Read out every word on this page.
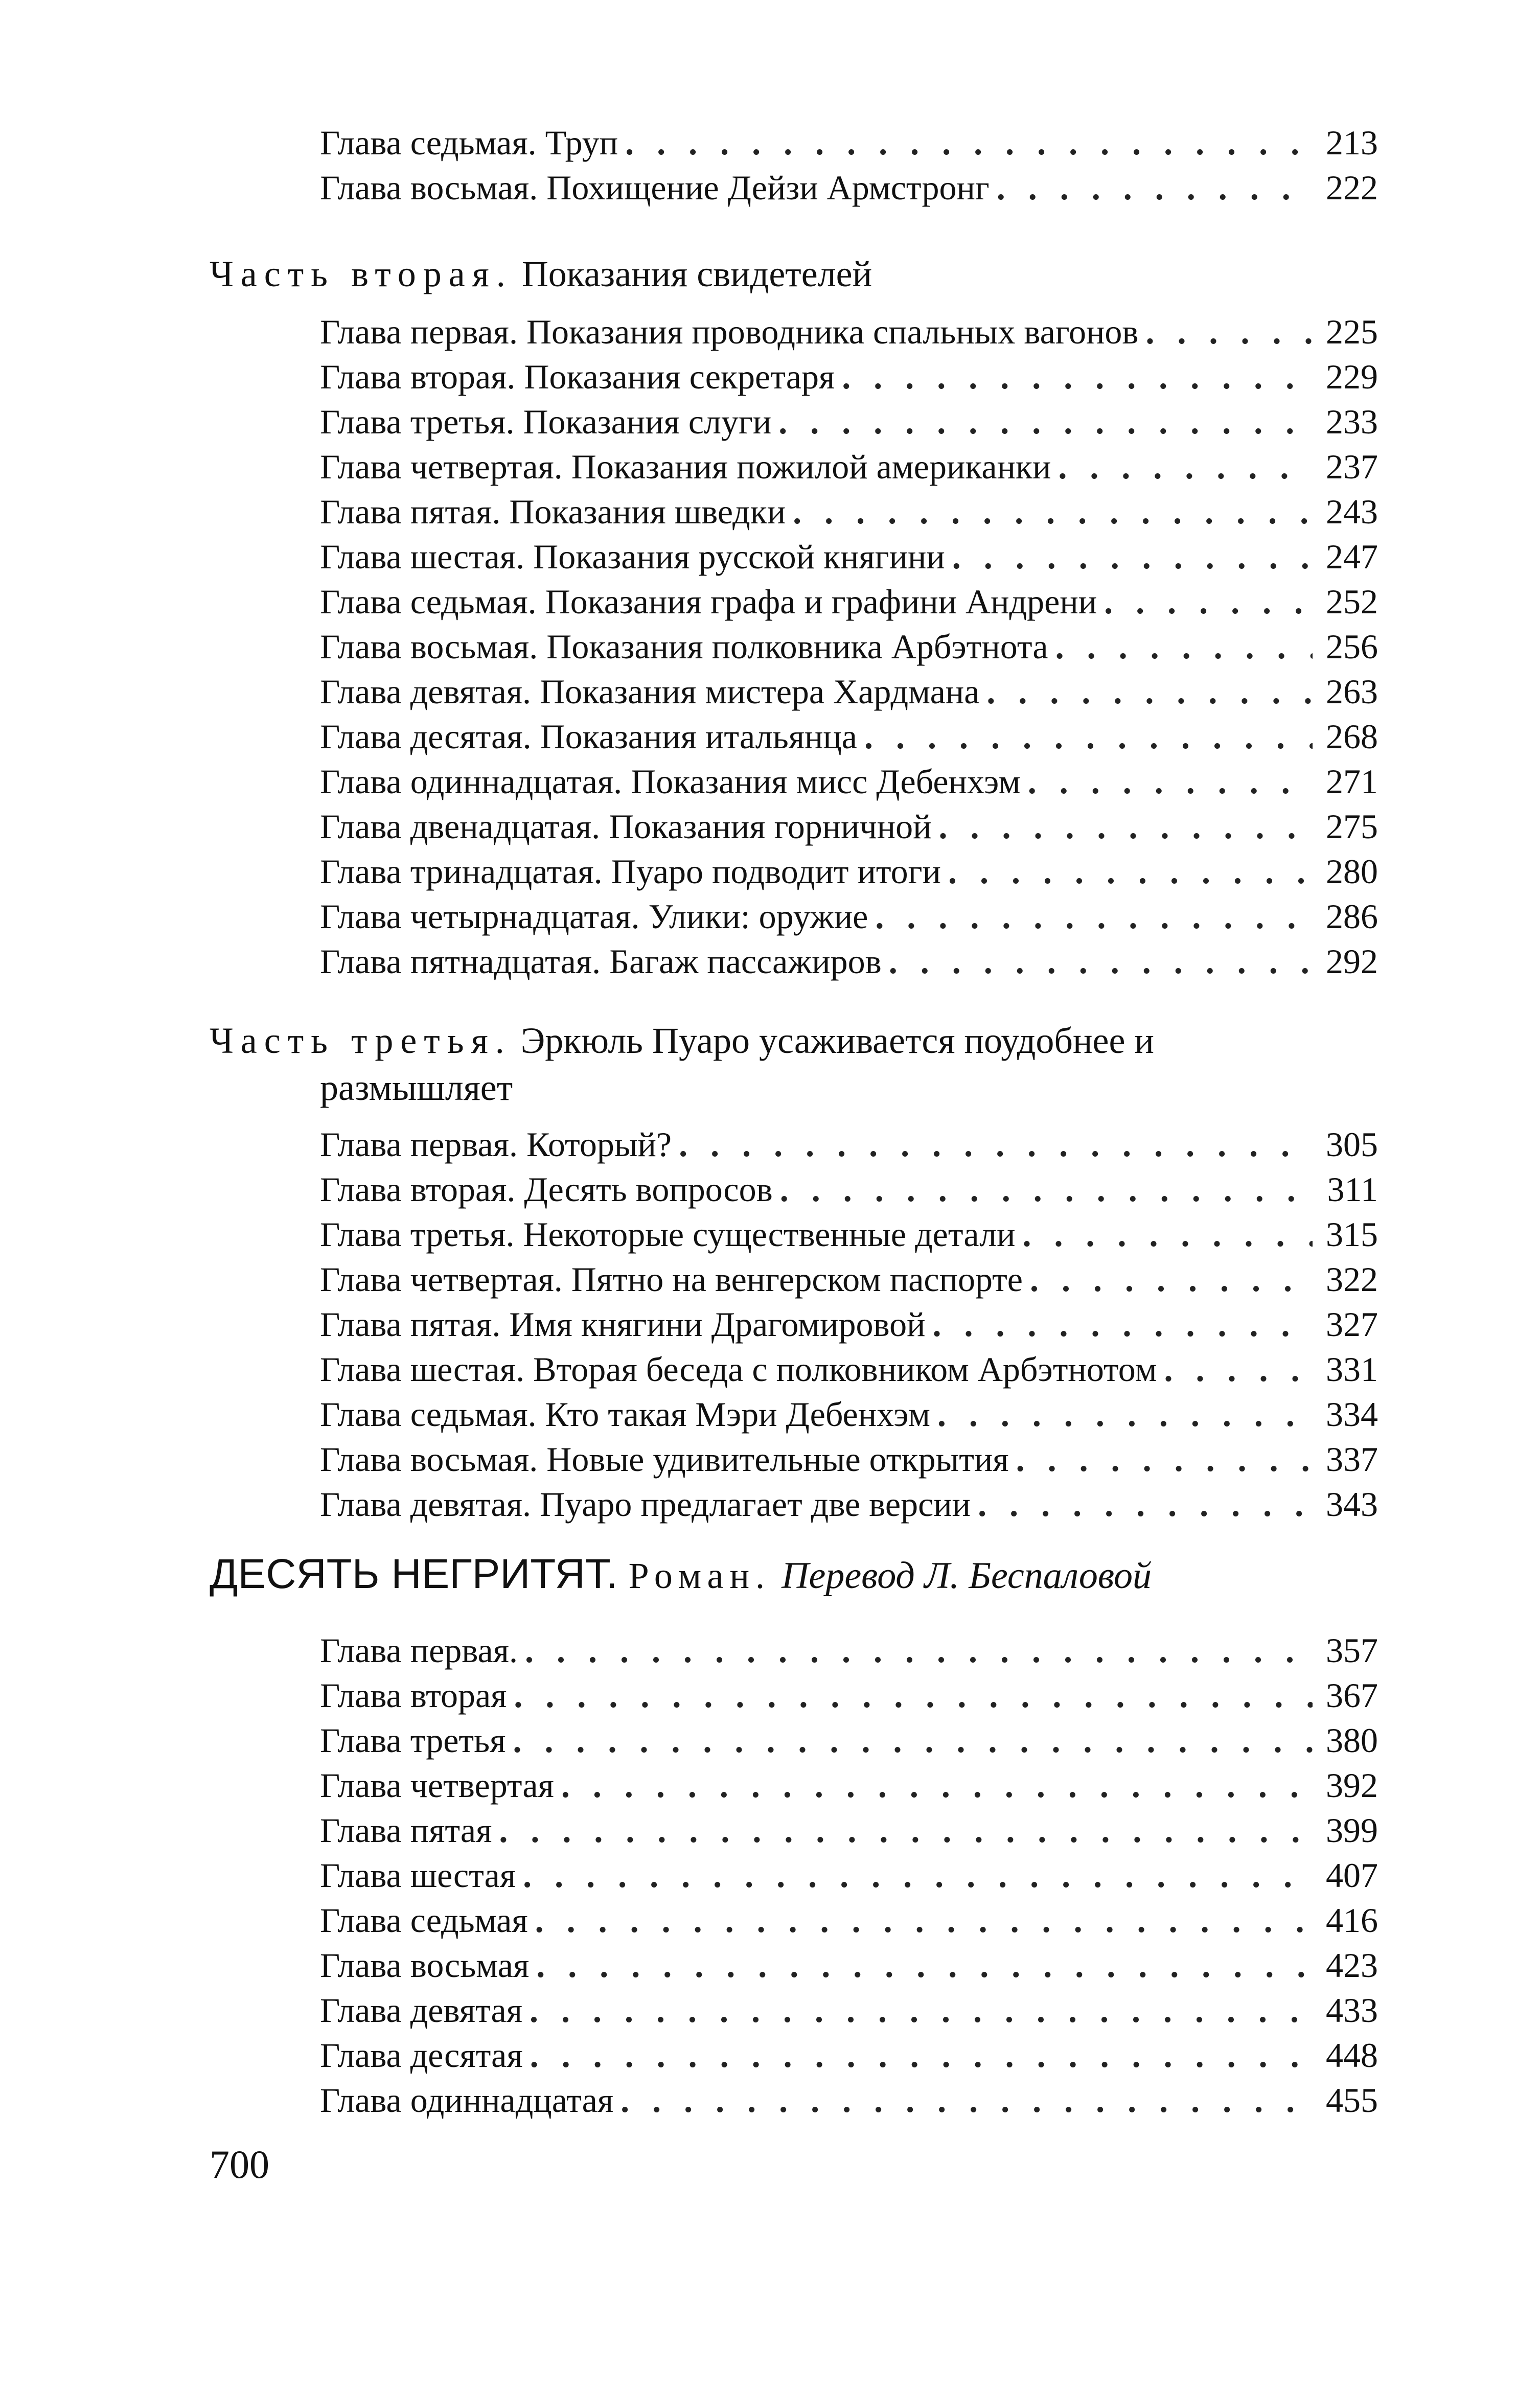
Глава седьмая. Труп . . .	213
Глава восьмая. Похищение Дейзи Армстронг . . .	222
Часть вторая. Показания свидетелей
Глава первая. Показания проводника спальных вагонов . . .	225
Глава вторая. Показания секретаря . . .	229
Глава третья. Показания слуги . . .	233
Глава четвертая. Показания пожилой американки . . .	237
Глава пятая. Показания шведки . . .	243
Глава шестая. Показания русской княгини . . .	247
Глава седьмая. Показания графа и графини Андрени . . .	252
Глава восьмая. Показания полковника Арбэтнота . . .	256
Глава девятая. Показания мистера Хардмана . . .	263
Глава десятая. Показания итальянца . . .	268
Глава одиннадцатая. Показания мисс Дебенхэм . . .	271
Глава двенадцатая. Показания горничной . . .	275
Глава тринадцатая. Пуаро подводит итоги . . .	280
Глава четырнадцатая. Улики: оружие . . .	286
Глава пятнадцатая. Багаж пассажиров . . .	292
Часть третья. Эркюль Пуаро усаживается поудобнее и
размышляет
Глава первая. Который? . . .	305
Глава вторая. Десять вопросов . . .	311
Глава третья. Некоторые существенные детали . . .	315
Глава четвертая. Пятно на венгерском паспорте . . .	322
Глава пятая. Имя княгини Драгомировой . . .	327
Глава шестая. Вторая беседа с полковником Арбэтнотом . . .	331
Глава седьмая. Кто такая Мэри Дебенхэм . . .	334
Глава восьмая. Новые удивительные открытия . . .	337
Глава девятая. Пуаро предлагает две версии . . .	343
ДЕСЯТЬ НЕГРИТЯТ. Роман. Перевод Л. Беспаловой
Глава первая. . . .	357
Глава вторая . . .	367
Глава третья . . .	380
Глава четвертая . . .	392
Глава пятая . . .	399
Глава шестая . . .	407
Глава седьмая . . .	416
Глава восьмая . . .	423
Глава девятая . . .	433
Глава десятая . . .	448
Глава одиннадцатая . . .	455
700
